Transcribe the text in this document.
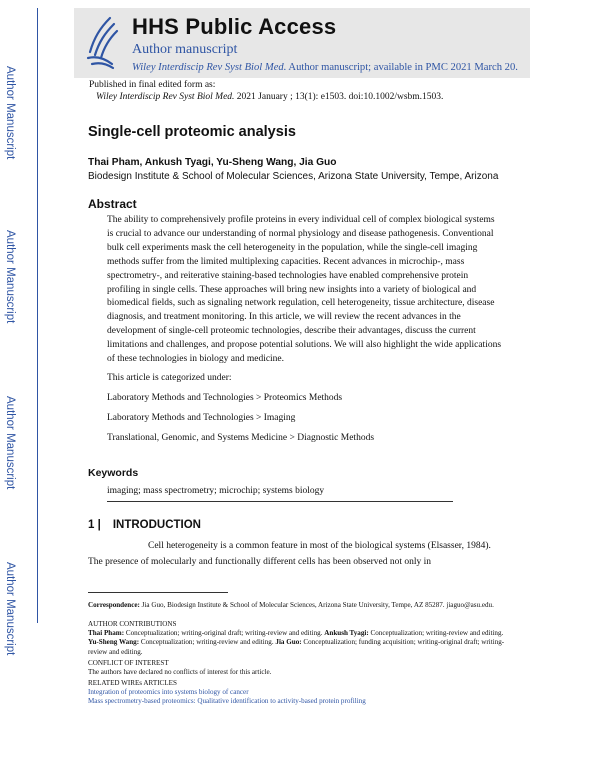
Author Manuscript
Author Manuscript
Author Manuscript
Author Manuscript
HHS Public Access
Author manuscript
Wiley Interdiscip Rev Syst Biol Med. Author manuscript; available in PMC 2021 March 20.
Published in final edited form as:
Wiley Interdiscip Rev Syst Biol Med. 2021 January ; 13(1): e1503. doi:10.1002/wsbm.1503.
Single-cell proteomic analysis
Thai Pham, Ankush Tyagi, Yu-Sheng Wang, Jia Guo
Biodesign Institute & School of Molecular Sciences, Arizona State University, Tempe, Arizona
Abstract

The ability to comprehensively profile proteins in every individual cell of complex biological systems is crucial to advance our understanding of normal physiology and disease pathogenesis. Conventional bulk cell experiments mask the cell heterogeneity in the population, while the single-cell imaging methods suffer from the limited multiplexing capacities. Recent advances in microchip-, mass spectrometry-, and reiterative staining-based technologies have enabled comprehensive protein profiling in single cells. These approaches will bring new insights into a variety of biological and biomedical fields, such as signaling network regulation, cell heterogeneity, tissue architecture, disease diagnosis, and treatment monitoring. In this article, we will review the recent advances in the development of single-cell proteomic technologies, describe their advantages, discuss the current limitations and challenges, and propose potential solutions. We will also highlight the wide applications of these technologies in biology and medicine.

This article is categorized under:
Laboratory Methods and Technologies > Proteomics Methods
Laboratory Methods and Technologies > Imaging
Translational, Genomic, and Systems Medicine > Diagnostic Methods
Keywords
imaging; mass spectrometry; microchip; systems biology
1 | INTRODUCTION

Cell heterogeneity is a common feature in most of the biological systems (Elsasser, 1984). The presence of molecularly and functionally different cells has been observed not only in

Correspondence: Jia Guo, Biodesign Institute & School of Molecular Sciences, Arizona State University, Tempe, AZ 85287. jiaguo@asu.edu.
AUTHOR CONTRIBUTIONS
Thai Pham: Conceptualization; writing-original draft; writing-review and editing. Ankush Tyagi: Conceptualization; writing-review and editing. Yu-Sheng Wang: Conceptualization; writing-review and editing. Jia Guo: Conceptualization; funding acquisition; writing-original draft; writing-review and editing.
CONFLICT OF INTEREST
The authors have declared no conflicts of interest for this article.
RELATED WIREs ARTICLES
Integration of proteomics into systems biology of cancer
Mass spectrometry-based proteomics: Qualitative identification to activity-based protein profiling
